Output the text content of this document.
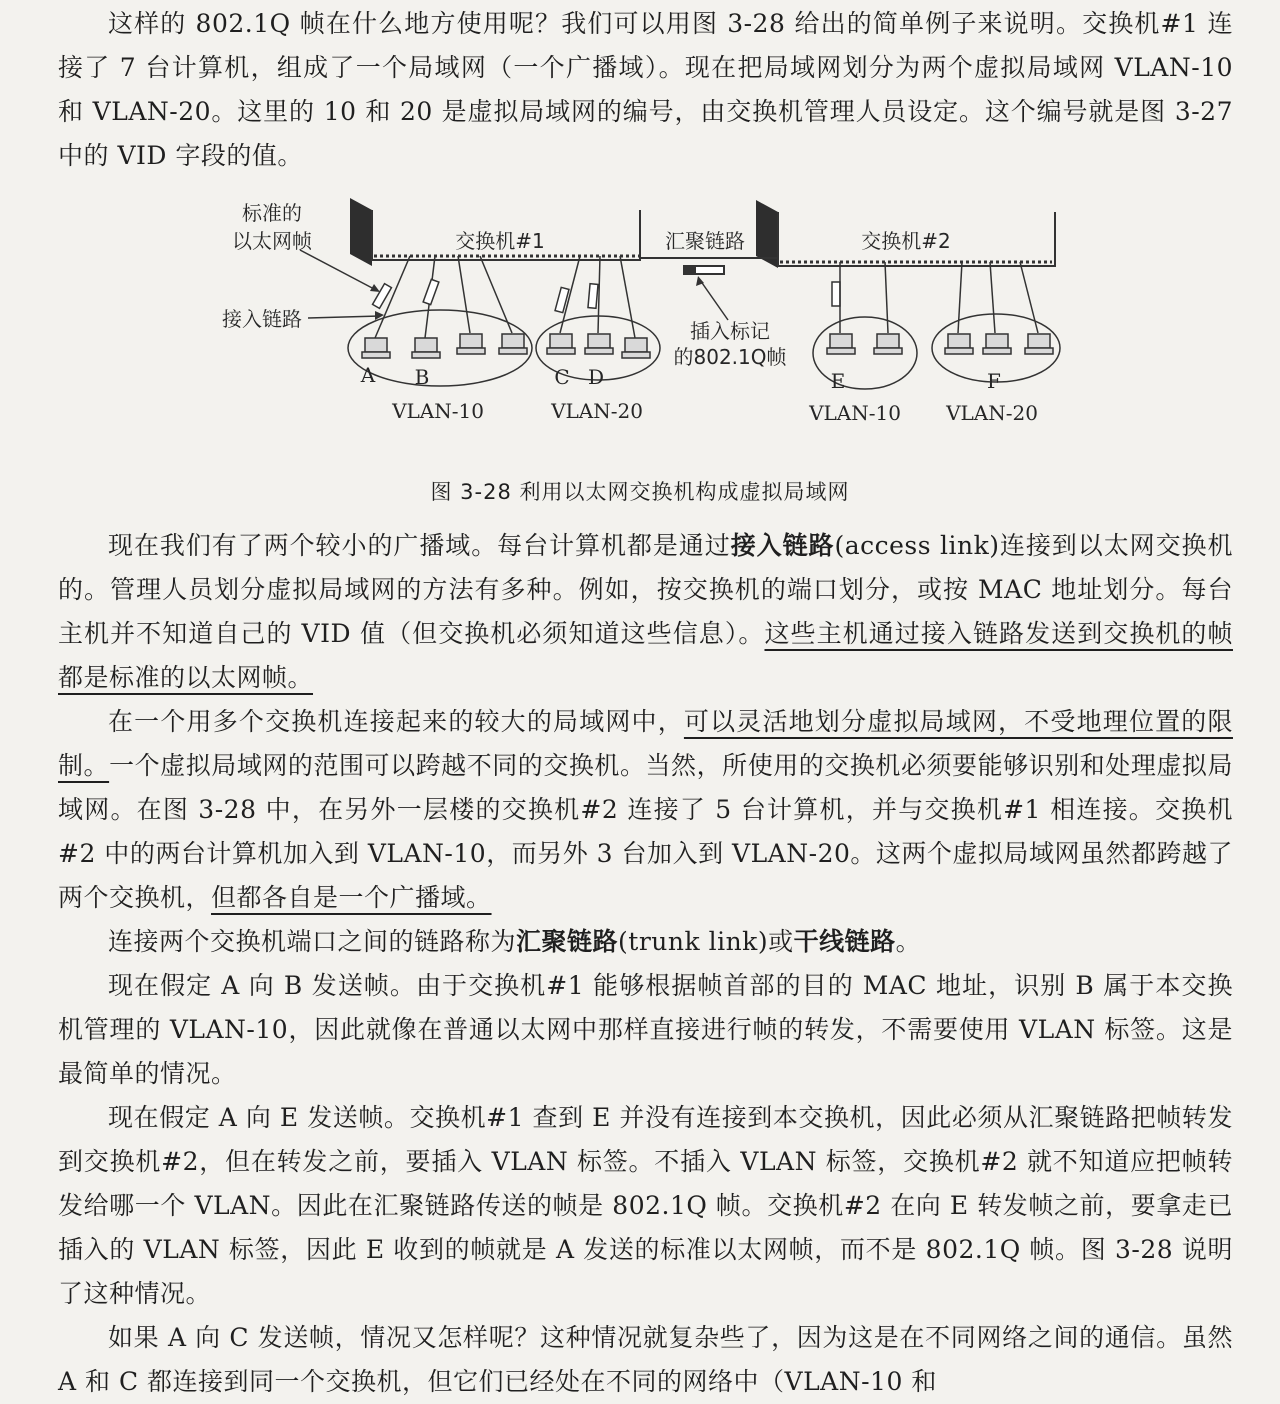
这样的 802.1Q 帧在什么地方使用呢？我们可以用图 3-28 给出的简单例子来说明。交换机#1 连接了 7 台计算机，组成了一个局域网（一个广播域）。现在把局域网划分为两个虚拟局域网 VLAN-10 和 VLAN-20。这里的 10 和 20 是虚拟局域网的编号，由交换机管理人员设定。这个编号就是图 3-27 中的 VID 字段的值。

标准的
以太网帧	交换机#1	汇聚链路	交换机#2
接入链路	插入标记
的802.1Q帧
A B	C D	E	F
VLAN-10	VLAN-20	VLAN-10 VLAN-20
图 3-28 利用以太网交换机构成虚拟局域网

现在我们有了两个较小的广播域。每台计算机都是通过接入链路(access link)连接到以太网交换机的。管理人员划分虚拟局域网的方法有多种。例如，按交换机的端口划分，或按 MAC 地址划分。每台主机并不知道自己的 VID 值（但交换机必须知道这些信息）。这些主机通过接入链路发送到交换机的帧都是标准的以太网帧。

在一个用多个交换机连接起来的较大的局域网中，可以灵活地划分虚拟局域网，不受地理位置的限制。一个虚拟局域网的范围可以跨越不同的交换机。当然，所使用的交换机必须要能够识别和处理虚拟局域网。在图 3-28 中，在另外一层楼的交换机#2 连接了 5 台计算机，并与交换机#1 相连接。交换机#2 中的两台计算机加入到 VLAN-10，而另外 3 台加入到 VLAN-20。这两个虚拟局域网虽然都跨越了两个交换机，但都各自是一个广播域。

连接两个交换机端口之间的链路称为汇聚链路(trunk link)或干线链路。

现在假定 A 向 B 发送帧。由于交换机#1 能够根据帧首部的目的 MAC 地址，识别 B 属于本交换机管理的 VLAN-10，因此就像在普通以太网中那样直接进行帧的转发，不需要使用 VLAN 标签。这是最简单的情况。

现在假定 A 向 E 发送帧。交换机#1 查到 E 并没有连接到本交换机，因此必须从汇聚链路把帧转发到交换机#2，但在转发之前，要插入 VLAN 标签。不插入 VLAN 标签，交换机#2 就不知道应把帧转发给哪一个 VLAN。因此在汇聚链路传送的帧是 802.1Q 帧。交换机#2 在向 E 转发帧之前，要拿走已插入的 VLAN 标签，因此 E 收到的帧就是 A 发送的标准以太网帧，而不是 802.1Q 帧。图 3-28 说明了这种情况。

如果 A 向 C 发送帧，情况又怎样呢？这种情况就复杂些了，因为这是在不同网络之间的通信。虽然 A 和 C 都连接到同一个交换机，但它们已经处在不同的网络中（VLAN-10 和
